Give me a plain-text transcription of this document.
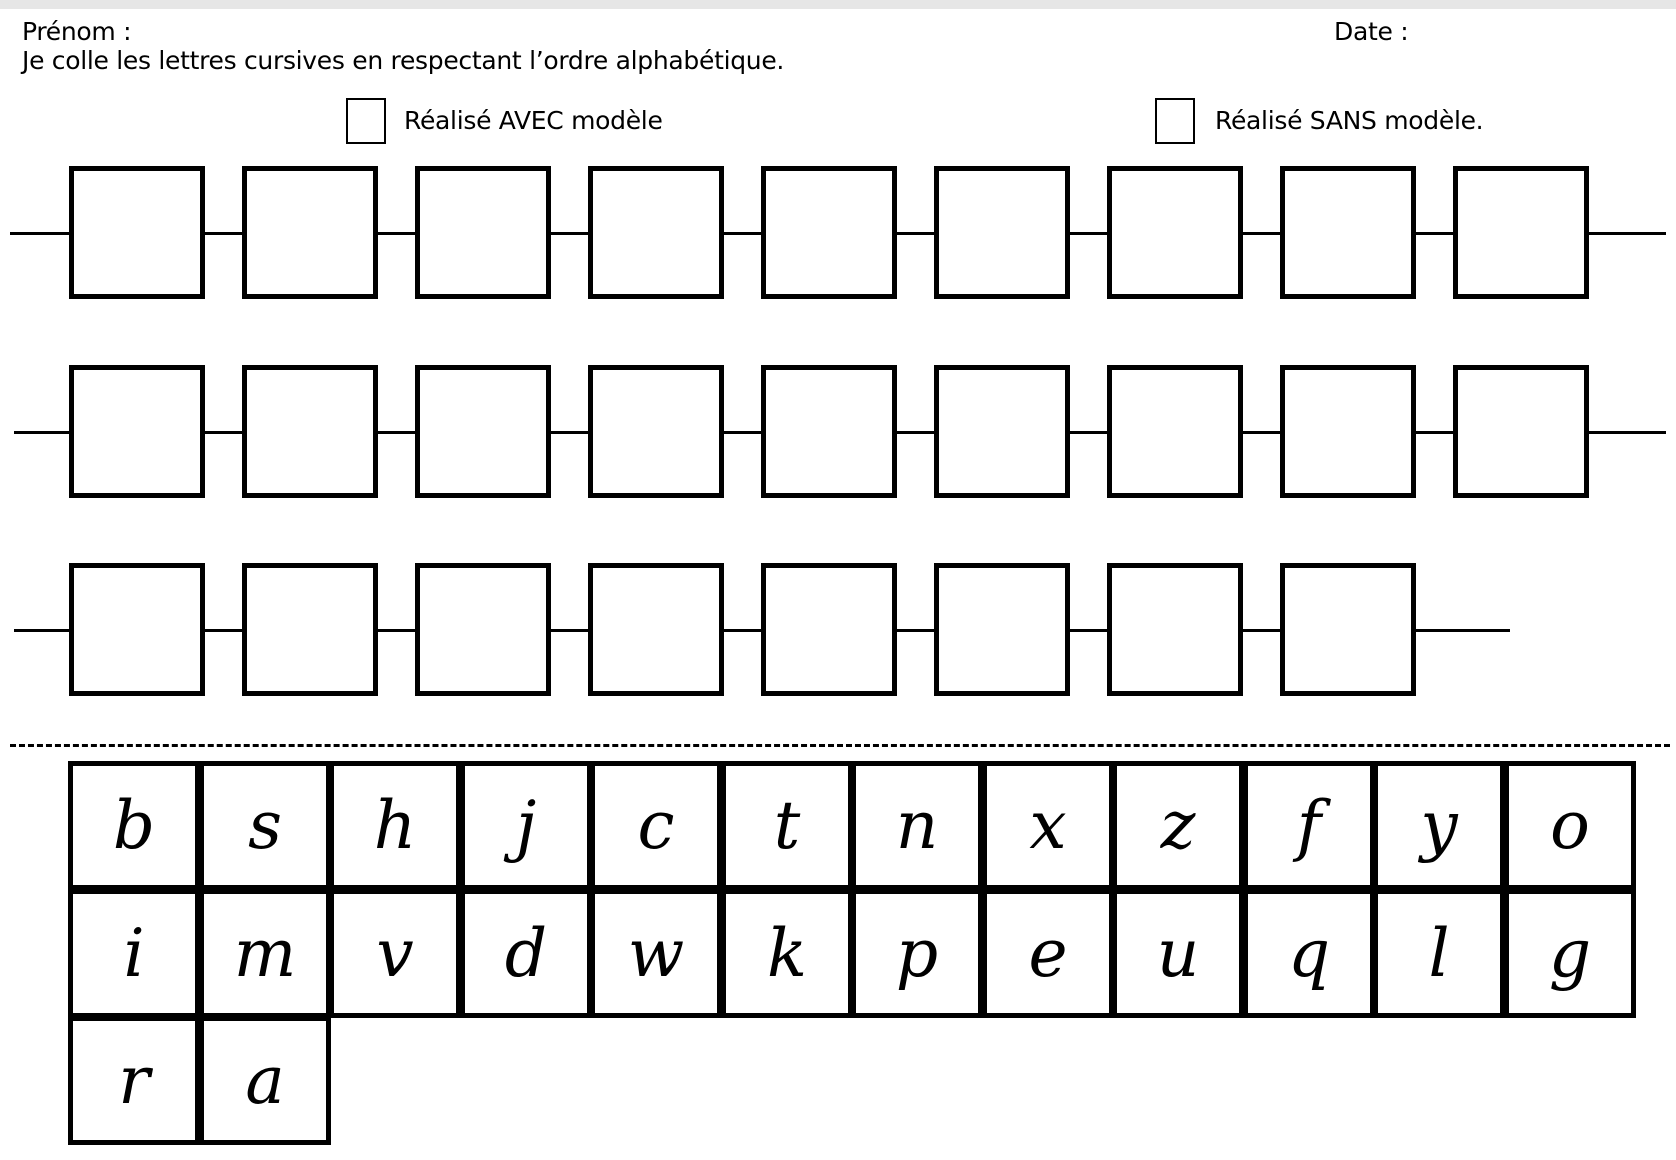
Prénom :	Date :
Je colle les lettres cursives en respectant l’ordre alphabétique.
Réalisé AVEC modèle	Réalisé SANS modèle.
b	s	h	j	c	t	n	x	z	f	y	o
i	m	v	d	w	k	p	e	u	q	l	g
r	a
